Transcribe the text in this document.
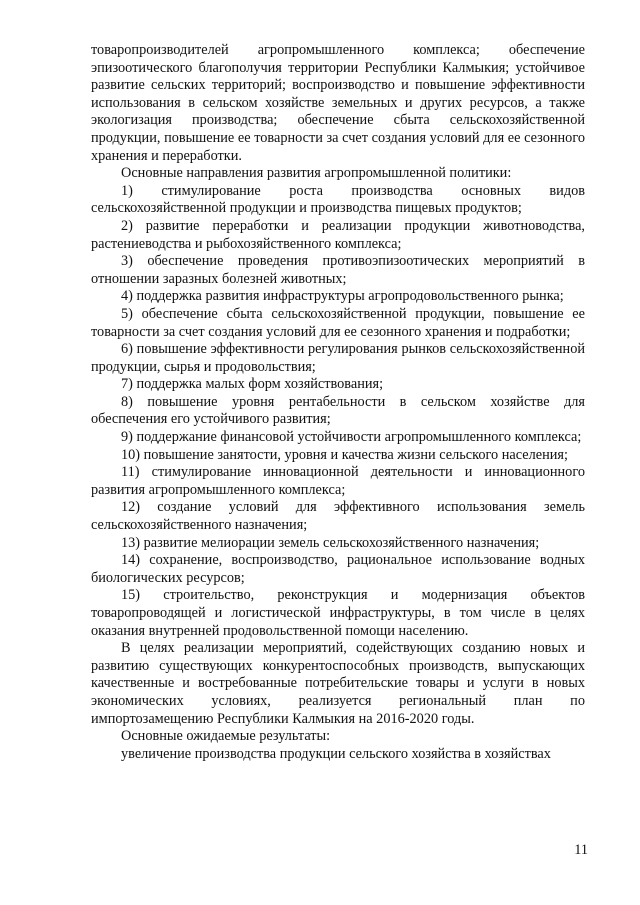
товаропроизводителей агропромышленного комплекса; обеспечение эпизоотического благополучия территории Республики Калмыкия; устойчивое развитие сельских территорий; воспроизводство и повышение эффективности использования в сельском хозяйстве земельных и других ресурсов, а также экологизация производства; обеспечение сбыта сельскохозяйственной продукции, повышение ее товарности за счет создания условий для ее сезонного хранения и переработки.

Основные направления развития агропромышленной политики:

1) стимулирование роста производства основных видов сельскохозяйственной продукции и производства пищевых продуктов;

2) развитие переработки и реализации продукции животноводства, растениеводства и рыбохозяйственного комплекса;

3) обеспечение проведения противоэпизоотических мероприятий в отношении заразных болезней животных;

4) поддержка развития инфраструктуры агропродовольственного рынка;

5) обеспечение сбыта сельскохозяйственной продукции, повышение ее товарности за счет создания условий для ее сезонного хранения и подработки;

6) повышение эффективности регулирования рынков сельскохозяйственной продукции, сырья и продовольствия;

7) поддержка малых форм хозяйствования;

8) повышение уровня рентабельности в сельском хозяйстве для обеспечения его устойчивого развития;

9) поддержание финансовой устойчивости агропромышленного комплекса;

10) повышение занятости, уровня и качества жизни сельского населения;

11) стимулирование инновационной деятельности и инновационного развития агропромышленного комплекса;

12) создание условий для эффективного использования земель сельскохозяйственного назначения;

13) развитие мелиорации земель сельскохозяйственного назначения;

14) сохранение, воспроизводство, рациональное использование водных биологических ресурсов;

15) строительство, реконструкция и модернизация объектов товаропроводящей и логистической инфраструктуры, в том числе в целях оказания внутренней продовольственной помощи населению.

В целях реализации мероприятий, содействующих созданию новых и развитию существующих конкурентоспособных производств, выпускающих качественные и востребованные потребительские товары и услуги в новых экономических условиях, реализуется региональный план по импортозамещению Республики Калмыкия на 2016-2020 годы.

Основные ожидаемые результаты:

увеличение производства продукции сельского хозяйства в хозяйствах

11
